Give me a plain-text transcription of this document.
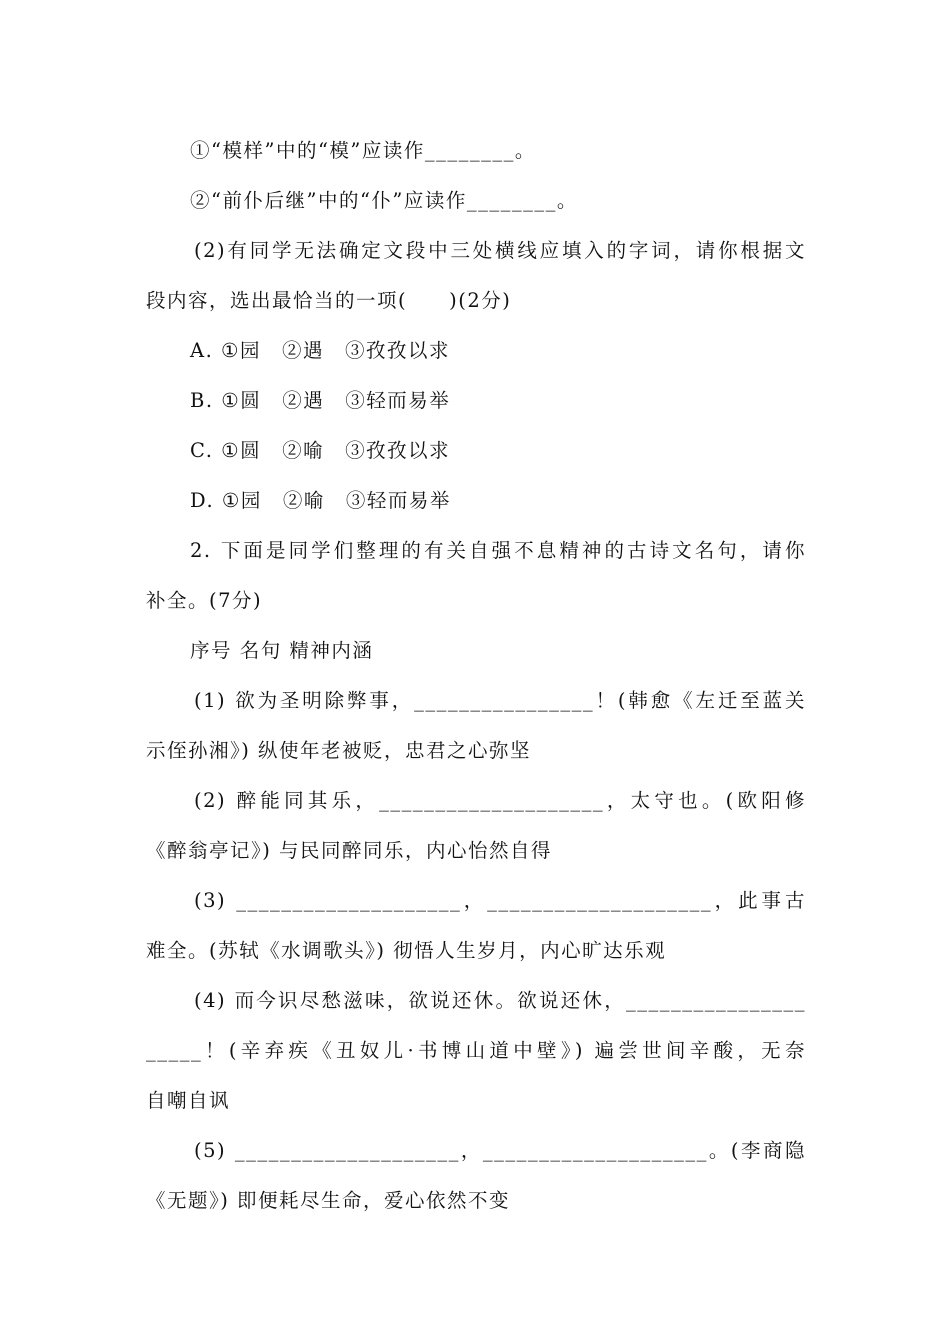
①“模样”中的“模”应读作________。
②“前仆后继”中的“仆”应读作________。
(2)有同学无法确定文段中三处横线应填入的字词，请你根据文
段内容，选出最恰当的一项(　　)(2分)
A. ①园　②遇　③孜孜以求
B. ①圆　②遇　③轻而易举
C. ①圆　②喻　③孜孜以求
D. ①园　②喻　③轻而易举
2. 下面是同学们整理的有关自强不息精神的古诗文名句，请你
补全。(7分)
序号 名句 精神内涵
(1) 欲为圣明除弊事，________________！(韩愈《左迁至蓝关
示侄孙湘》) 纵使年老被贬，忠君之心弥坚
(2) 醉能同其乐，____________________，太守也。(欧阳修
《醉翁亭记》) 与民同醉同乐，内心怡然自得
(3) ____________________，____________________，此事古
难全。(苏轼《水调歌头》) 彻悟人生岁月，内心旷达乐观
(4) 而今识尽愁滋味，欲说还休。欲说还休，________________
_____！(辛弃疾《丑奴儿·书博山道中壁》) 遍尝世间辛酸，无奈
自嘲自讽
(5) ____________________，____________________。(李商隐
《无题》) 即便耗尽生命，爱心依然不变
